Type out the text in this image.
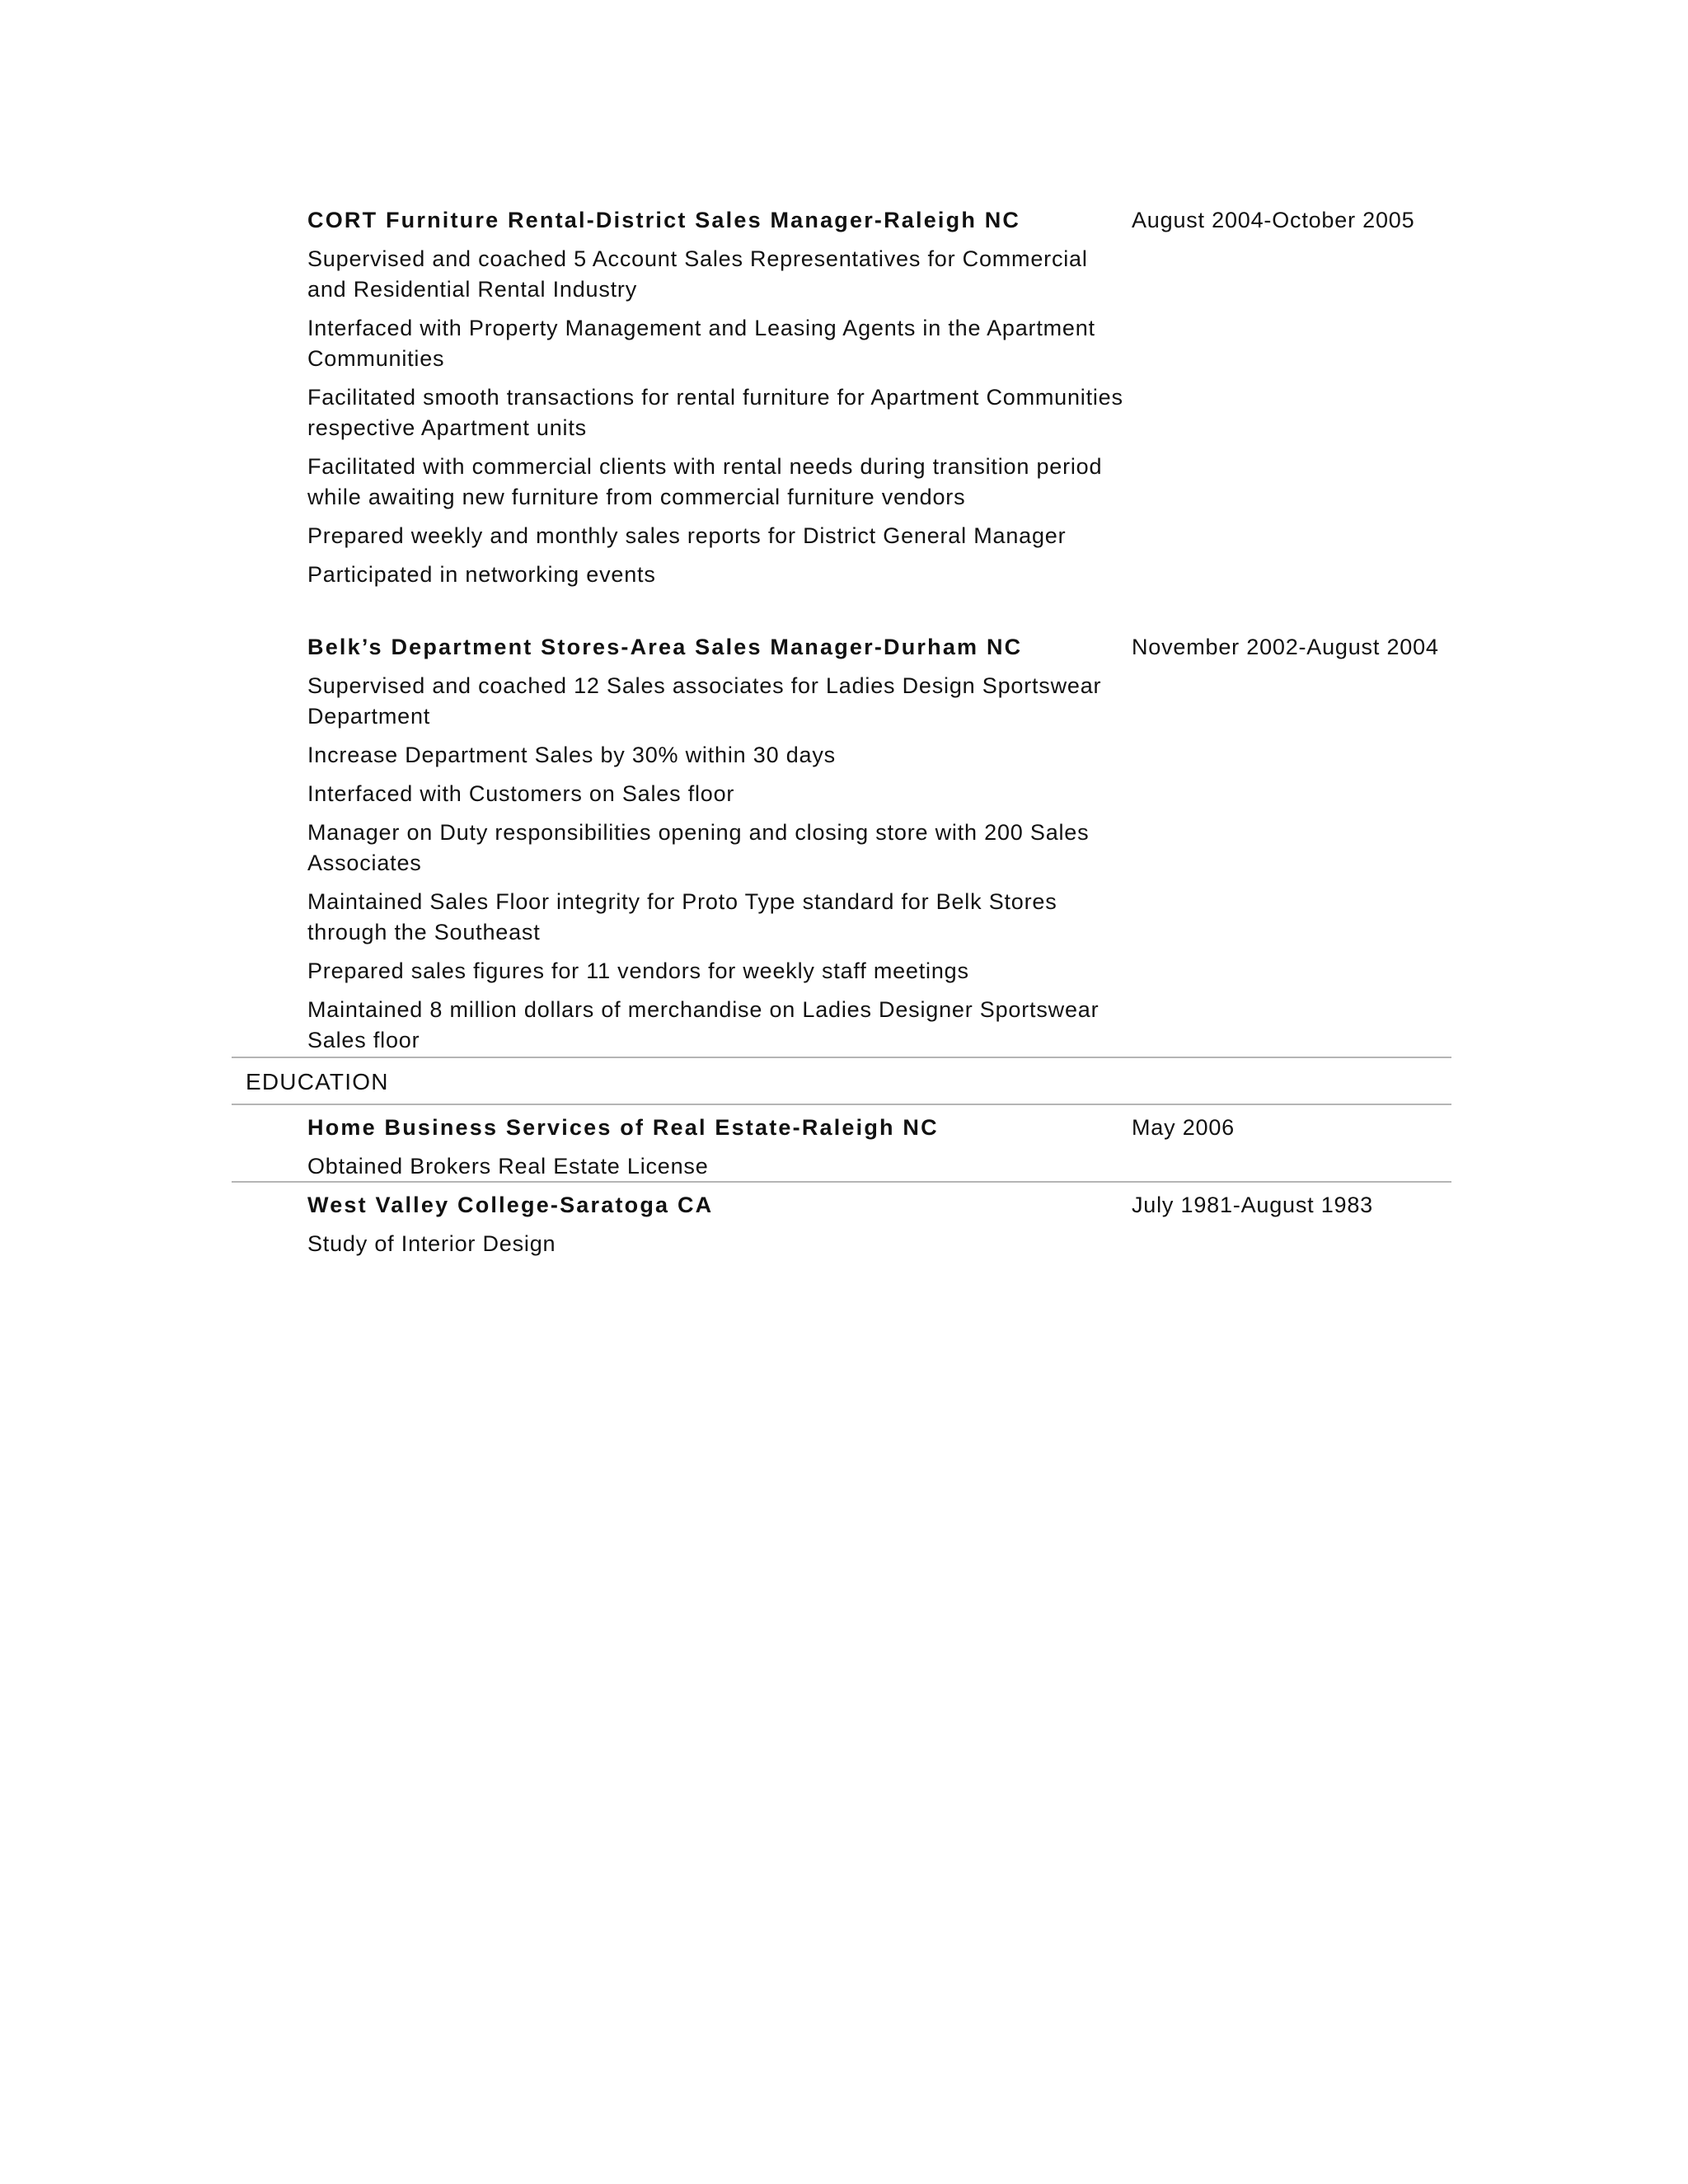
CORT Furniture Rental-District Sales Manager-Raleigh NC
Supervised and coached 5 Account Sales Representatives for Commercial and Residential Rental Industry
Interfaced with Property Management and Leasing Agents in the Apartment Communities
Facilitated smooth transactions for rental furniture for Apartment Communities respective Apartment units
Facilitated with commercial clients with rental needs during transition period while awaiting new furniture from commercial furniture vendors
Prepared weekly and monthly sales reports for District General Manager
Participated in networking events
August 2004-October 2005
Belk’s Department Stores-Area Sales Manager-Durham NC
Supervised and coached 12 Sales associates for Ladies Design Sportswear Department
Increase Department Sales by 30% within 30 days
Interfaced with Customers on Sales floor
Manager on Duty responsibilities opening and closing store with 200 Sales Associates
Maintained Sales Floor integrity for Proto Type standard for Belk Stores through the Southeast
Prepared sales figures for 11 vendors for weekly staff meetings
Maintained 8 million dollars of merchandise on Ladies Designer Sportswear Sales floor
November 2002-August 2004
EDUCATION
Home Business Services of Real Estate-Raleigh NC
Obtained Brokers Real Estate License
May 2006
West Valley College-Saratoga CA
Study of Interior Design
July 1981-August 1983
